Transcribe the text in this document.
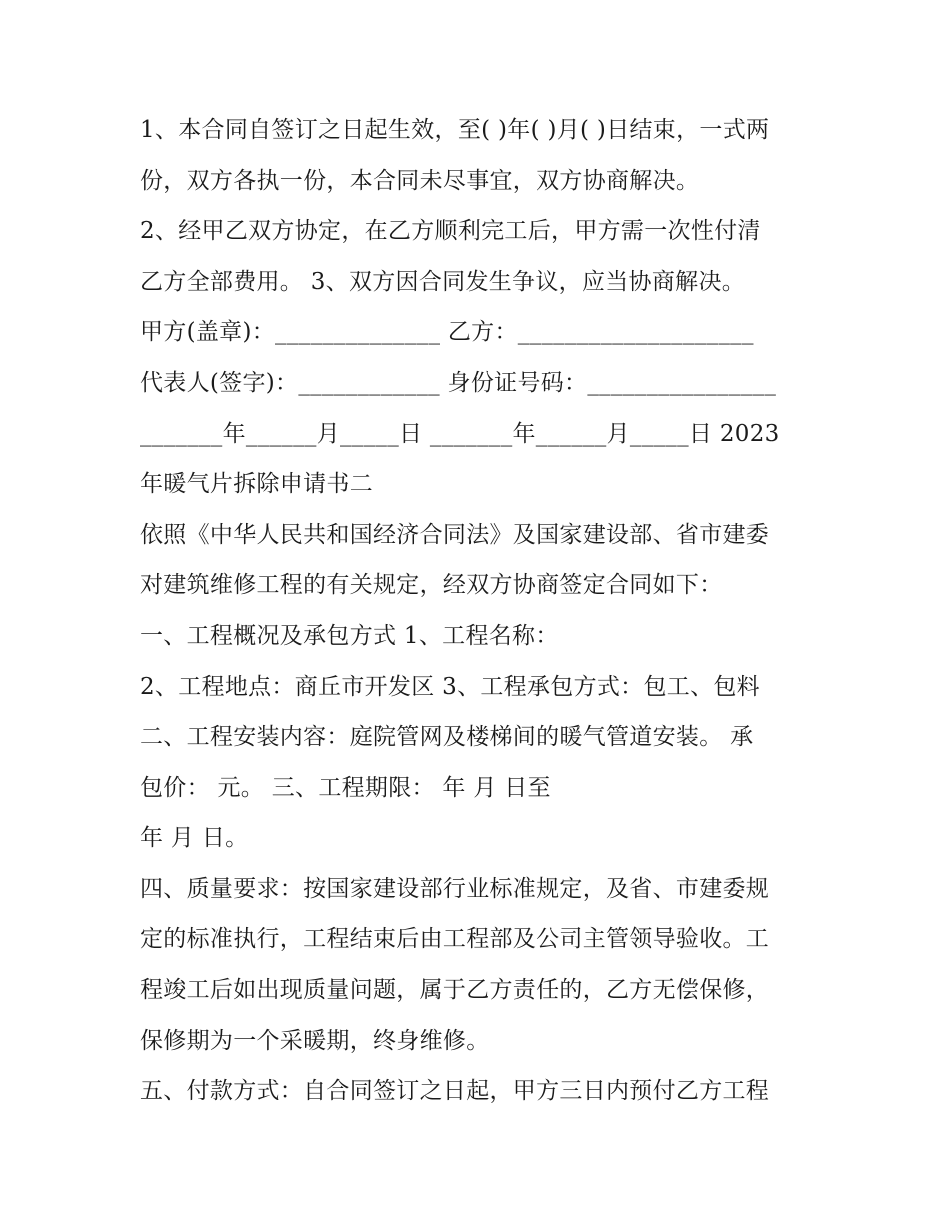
1、本合同自签订之日起生效，至( )年( )月( )日结束，一式两
份，双方各执一份，本合同未尽事宜，双方协商解决。
2、经甲乙双方协定，在乙方顺利完工后，甲方需一次性付清
乙方全部费用。 3、双方因合同发生争议，应当协商解决。
甲方(盖章)：______________ 乙方：____________________
代表人(签字)：____________ 身份证号码：________________
_______年______月_____日 _______年______月_____日 2023
年暖气片拆除申请书二
依照《中华人民共和国经济合同法》及国家建设部、省市建委
对建筑维修工程的有关规定，经双方协商签定合同如下：
一、工程概况及承包方式 1、工程名称：
2、工程地点：商丘市开发区 3、工程承包方式：包工、包料
二、工程安装内容：庭院管网及楼梯间的暖气管道安装。 承
包价： 元。 三、工程期限： 年 月 日至
年 月 日。
四、质量要求：按国家建设部行业标准规定，及省、市建委规
定的标准执行，工程结束后由工程部及公司主管领导验收。工
程竣工后如出现质量问题，属于乙方责任的，乙方无偿保修，
保修期为一个采暖期，终身维修。
五、付款方式：自合同签订之日起，甲方三日内预付乙方工程
